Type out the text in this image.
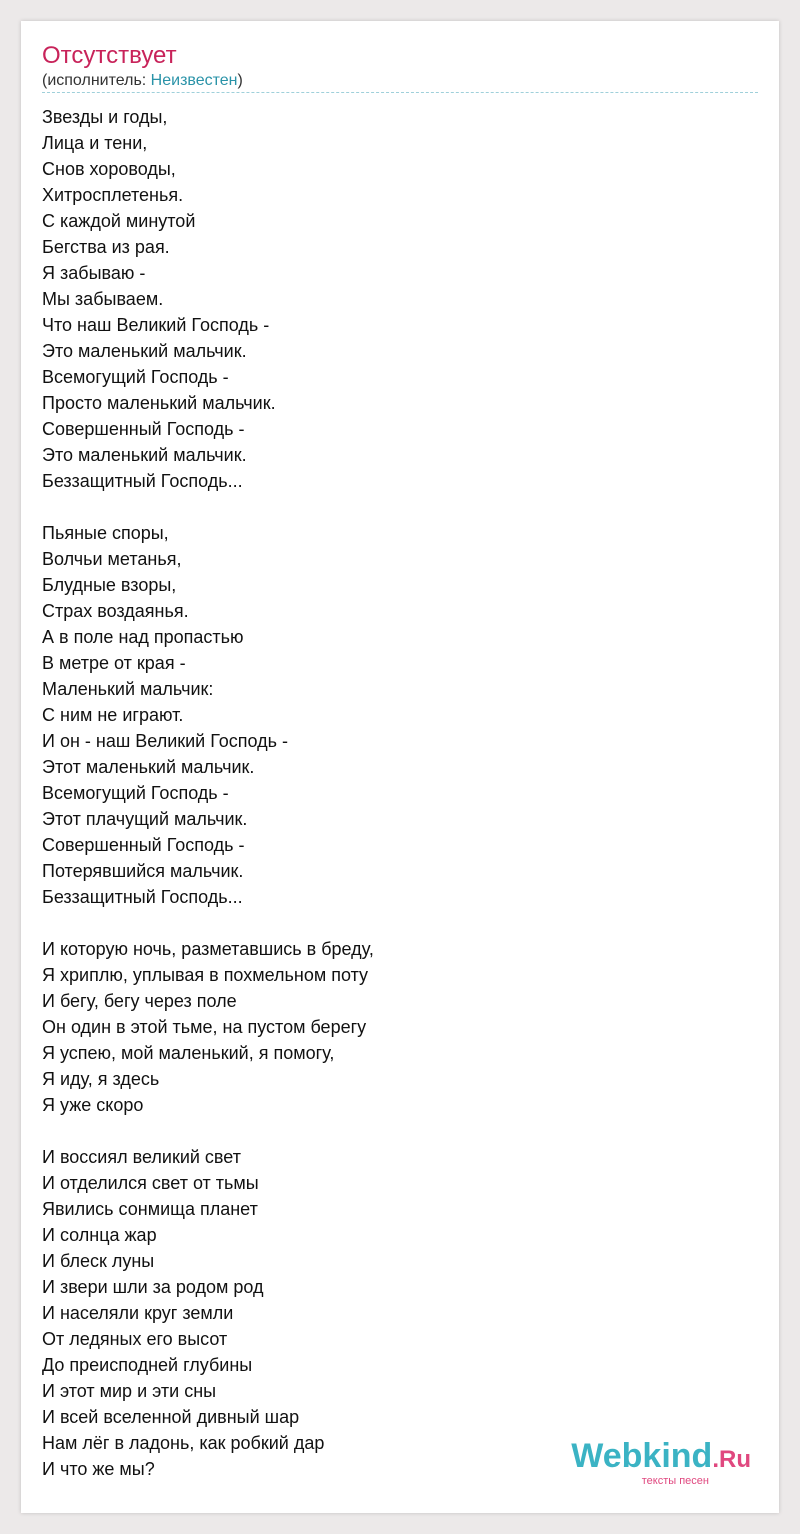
Отсутствует
(исполнитель: Неизвестен)
Звезды и годы,
Лица и тени,
Снов хороводы,
Хитросплетенья.
С каждой минутой
Бегства из рая.
Я забываю -
Мы забываем.
Что наш Великий Господь -
Это маленький мальчик.
Всемогущий Господь -
Просто маленький мальчик.
Совершенный Господь -
Это маленький мальчик.
Беззащитный Господь...
Пьяные споры,
Волчьи метанья,
Блудные взоры,
Страх воздаянья.
А в поле над пропастью
В метре от края -
Маленький мальчик:
С ним не играют.
И он - наш Великий Господь -
Этот маленький мальчик.
Всемогущий Господь -
Этот плачущий мальчик.
Совершенный Господь -
Потерявшийся мальчик.
Беззащитный Господь...
И которую ночь, разметавшись в бреду,
Я хриплю, уплывая в похмельном поту
И бегу, бегу через поле
Он один в этой тьме, на пустом берегу
Я успею, мой маленький, я помогу,
Я иду, я здесь
Я уже скоро
И воссиял великий свет
И отделился свет от тьмы
Явились сонмища планет
И солнца жар
И блеск луны
И звери шли за родом род
И населяли круг земли
От ледяных его высот
До преисподней глубины
И этот мир и эти сны
И всей вселенной дивный шар
Нам лёг в ладонь, как робкий дар
И что же мы?	Webkind.Ru
тексты песен
